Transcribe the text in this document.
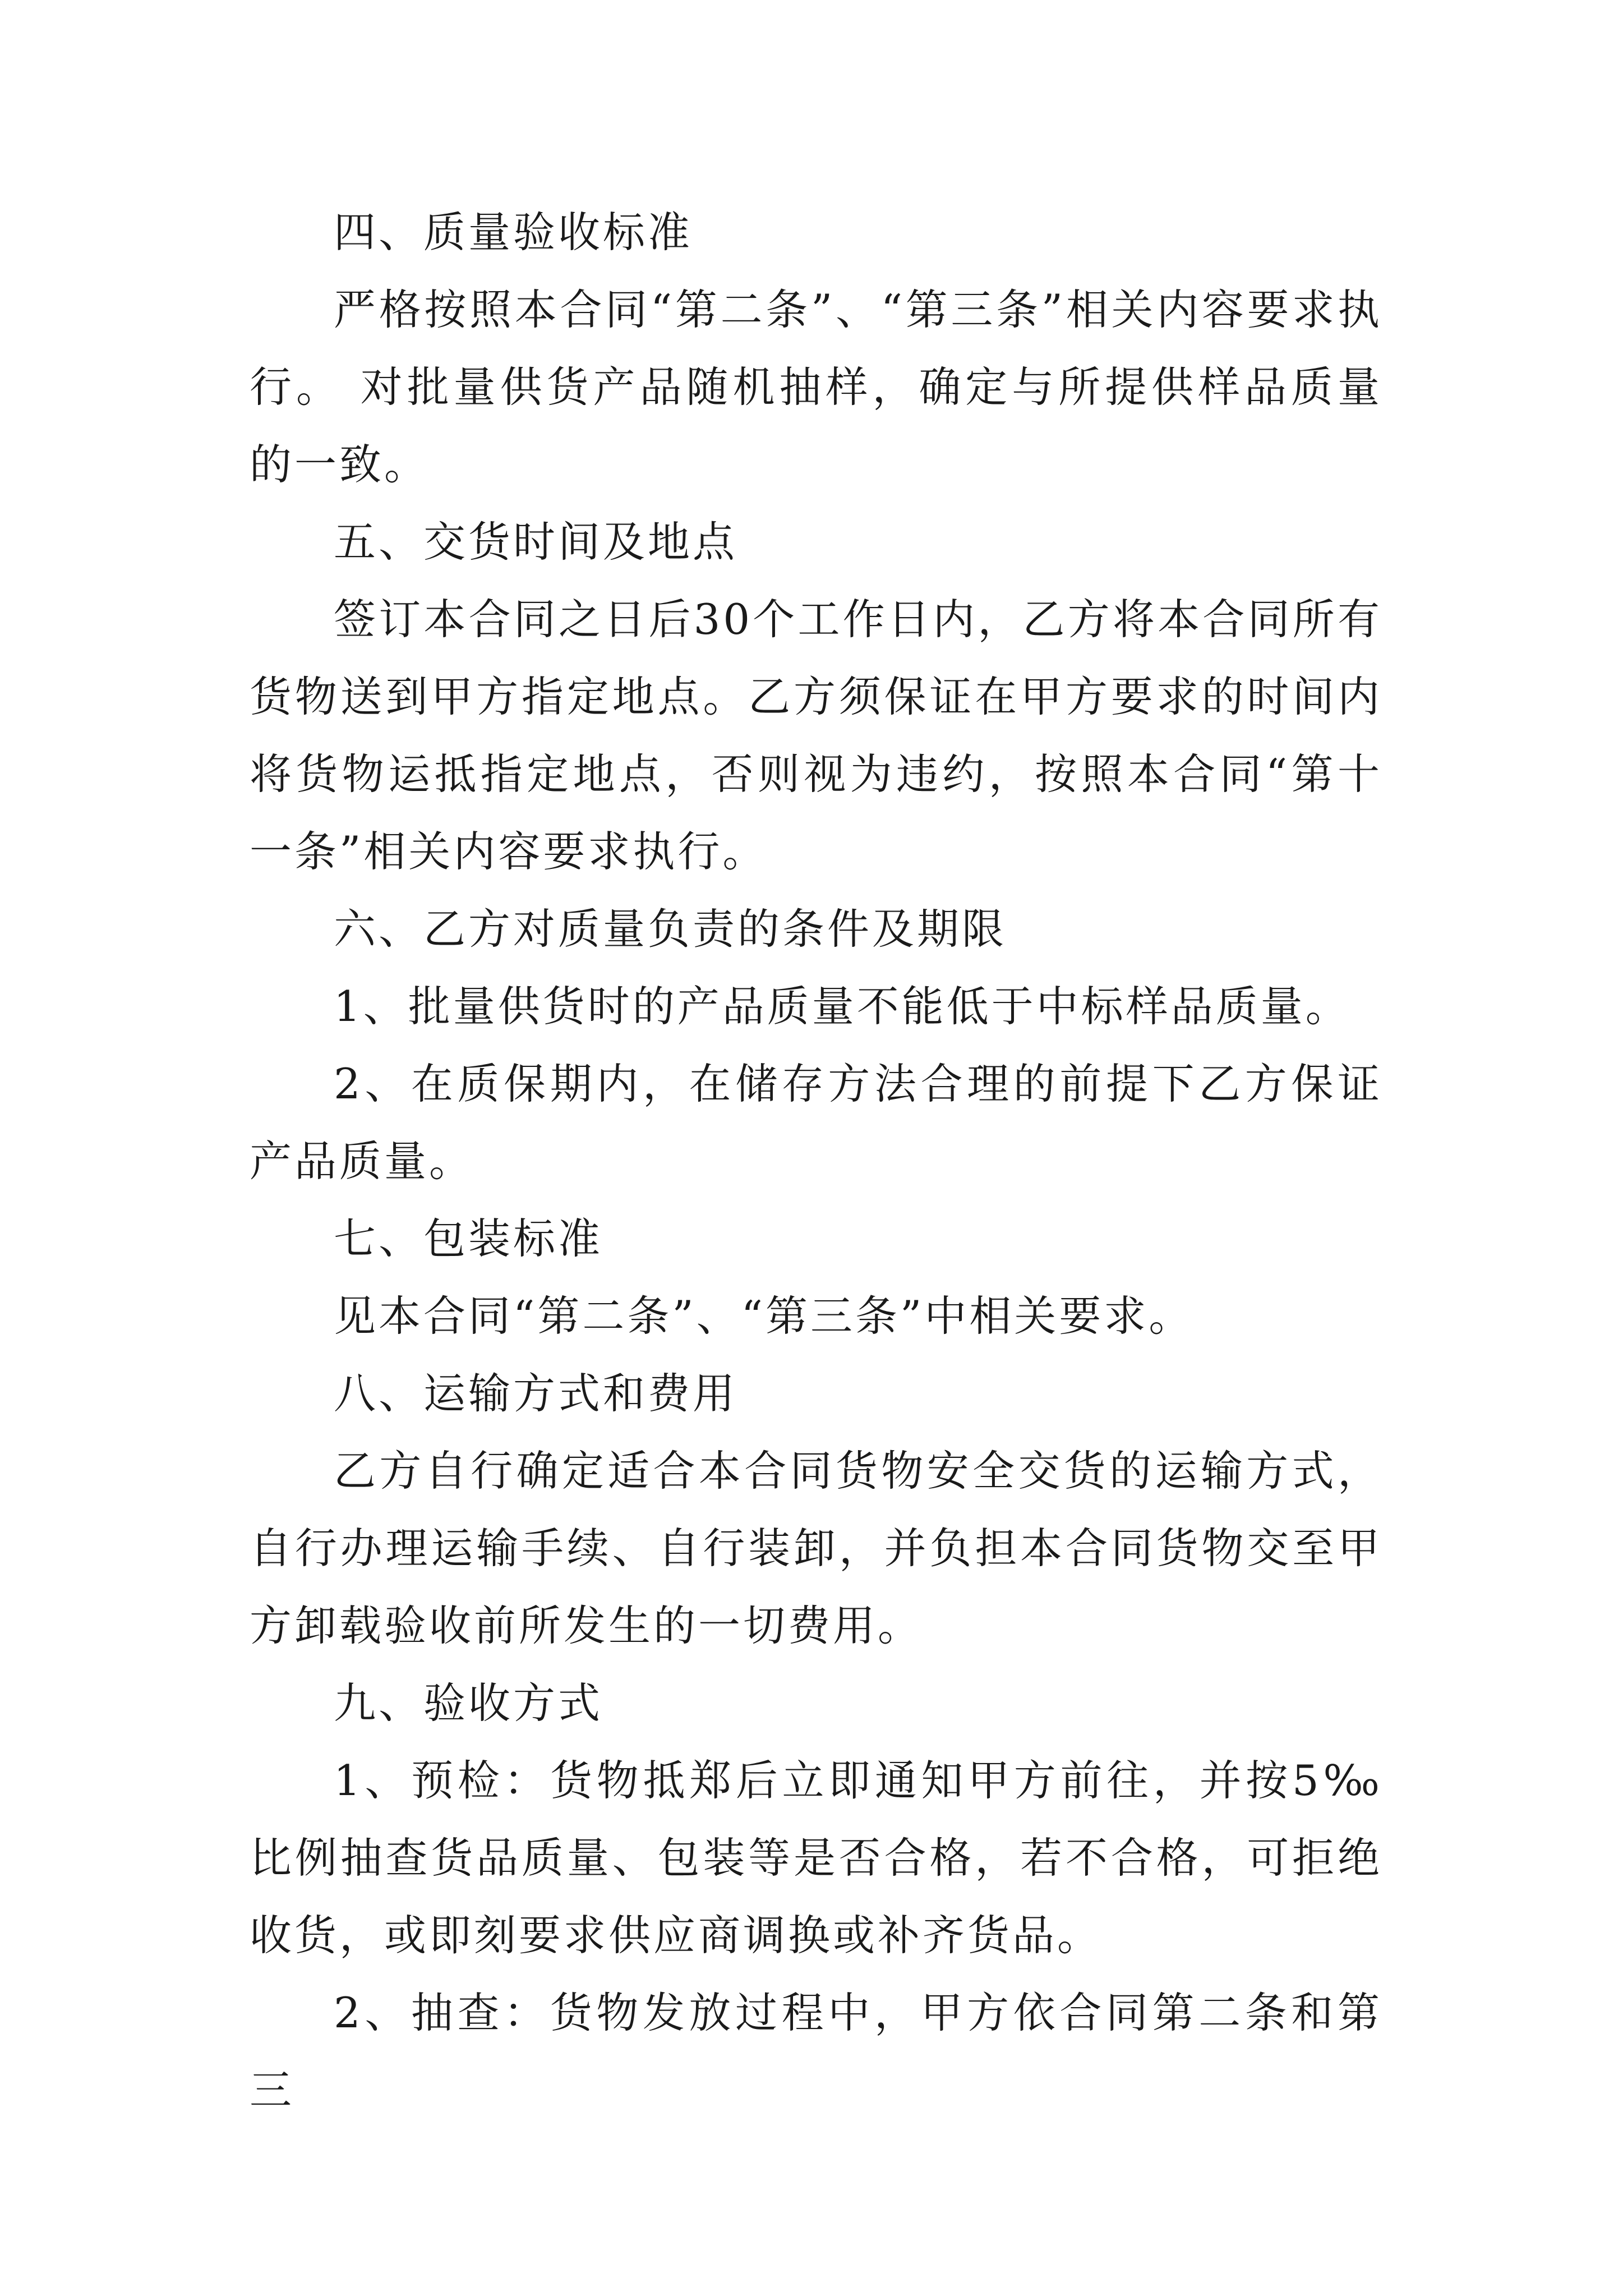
四、质量验收标准

严格按照本合同“第二条”、“第三条”相关内容要求执行。 对批量供货产品随机抽样，确定与所提供样品质量的一致。

五、交货时间及地点

签订本合同之日后30个工作日内，乙方将本合同所有货物送到甲方指定地点。乙方须保证在甲方要求的时间内将货物运抵指定地点，否则视为违约，按照本合同“第十一条”相关内容要求执行。

六、乙方对质量负责的条件及期限

1、批量供货时的产品质量不能低于中标样品质量。

2、在质保期内，在储存方法合理的前提下乙方保证产品质量。

七、包装标准

见本合同“第二条”、“第三条”中相关要求。

八、运输方式和费用

乙方自行确定适合本合同货物安全交货的运输方式，自行办理运输手续、自行装卸，并负担本合同货物交至甲方卸载验收前所发生的一切费用。

九、验收方式

1、预检：货物抵郑后立即通知甲方前往，并按5‰比例抽查货品质量、包装等是否合格，若不合格，可拒绝收货，或即刻要求供应商调换或补齐货品。

2、抽查：货物发放过程中，甲方依合同第二条和第三
